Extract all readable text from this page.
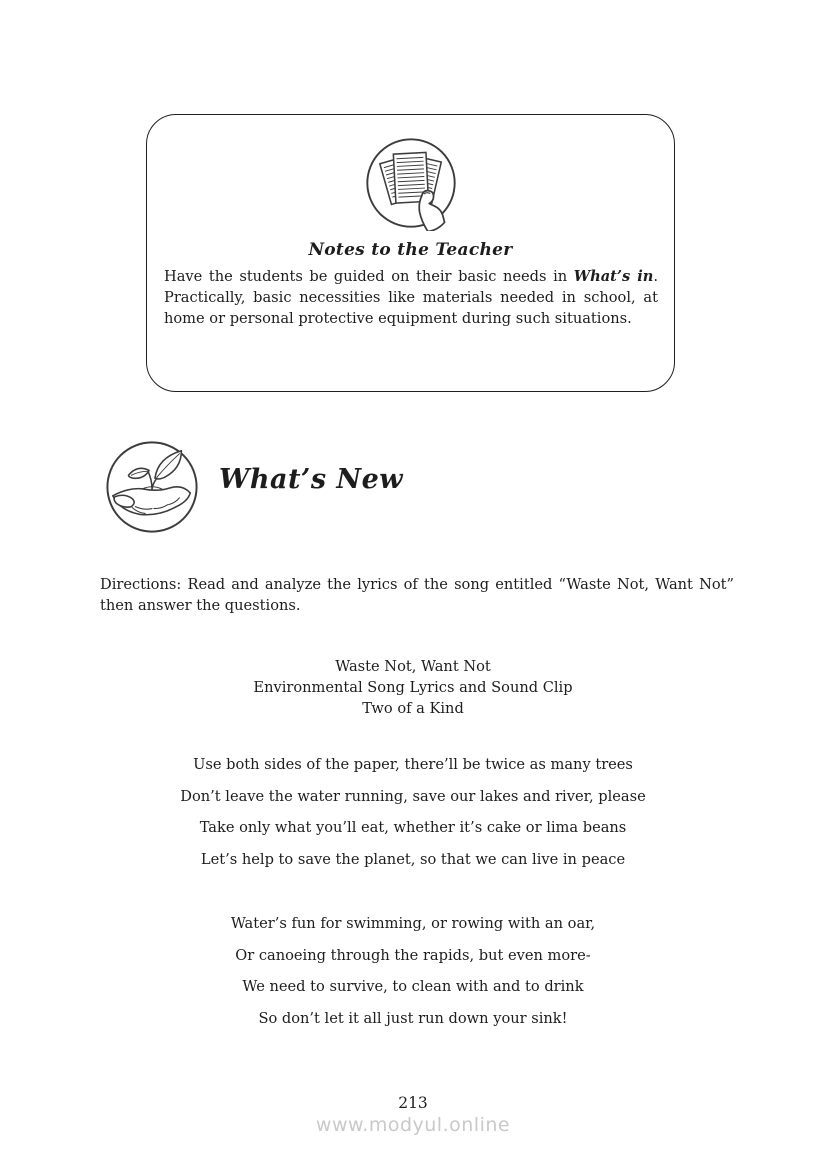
Notes to the Teacher

Have the students be guided on their basic needs in What’s in. Practically, basic necessities like materials needed in school, at home or personal protective equipment during such situations.

What’s New

Directions: Read and analyze the lyrics of the song entitled “Waste Not, Want Not” then answer the questions.

Waste Not, Want Not
Environmental Song Lyrics and Sound Clip
Two of a Kind
Use both sides of the paper, there’ll be twice as many trees
Don’t leave the water running, save our lakes and river, please
Take only what you’ll eat, whether it’s cake or lima beans
Let’s help to save the planet, so that we can live in peace
Water’s fun for swimming, or rowing with an oar,
Or canoeing through the rapids, but even more-
We need to survive, to clean with and to drink
So don’t let it all just run down your sink!
213
www.modyul.online
